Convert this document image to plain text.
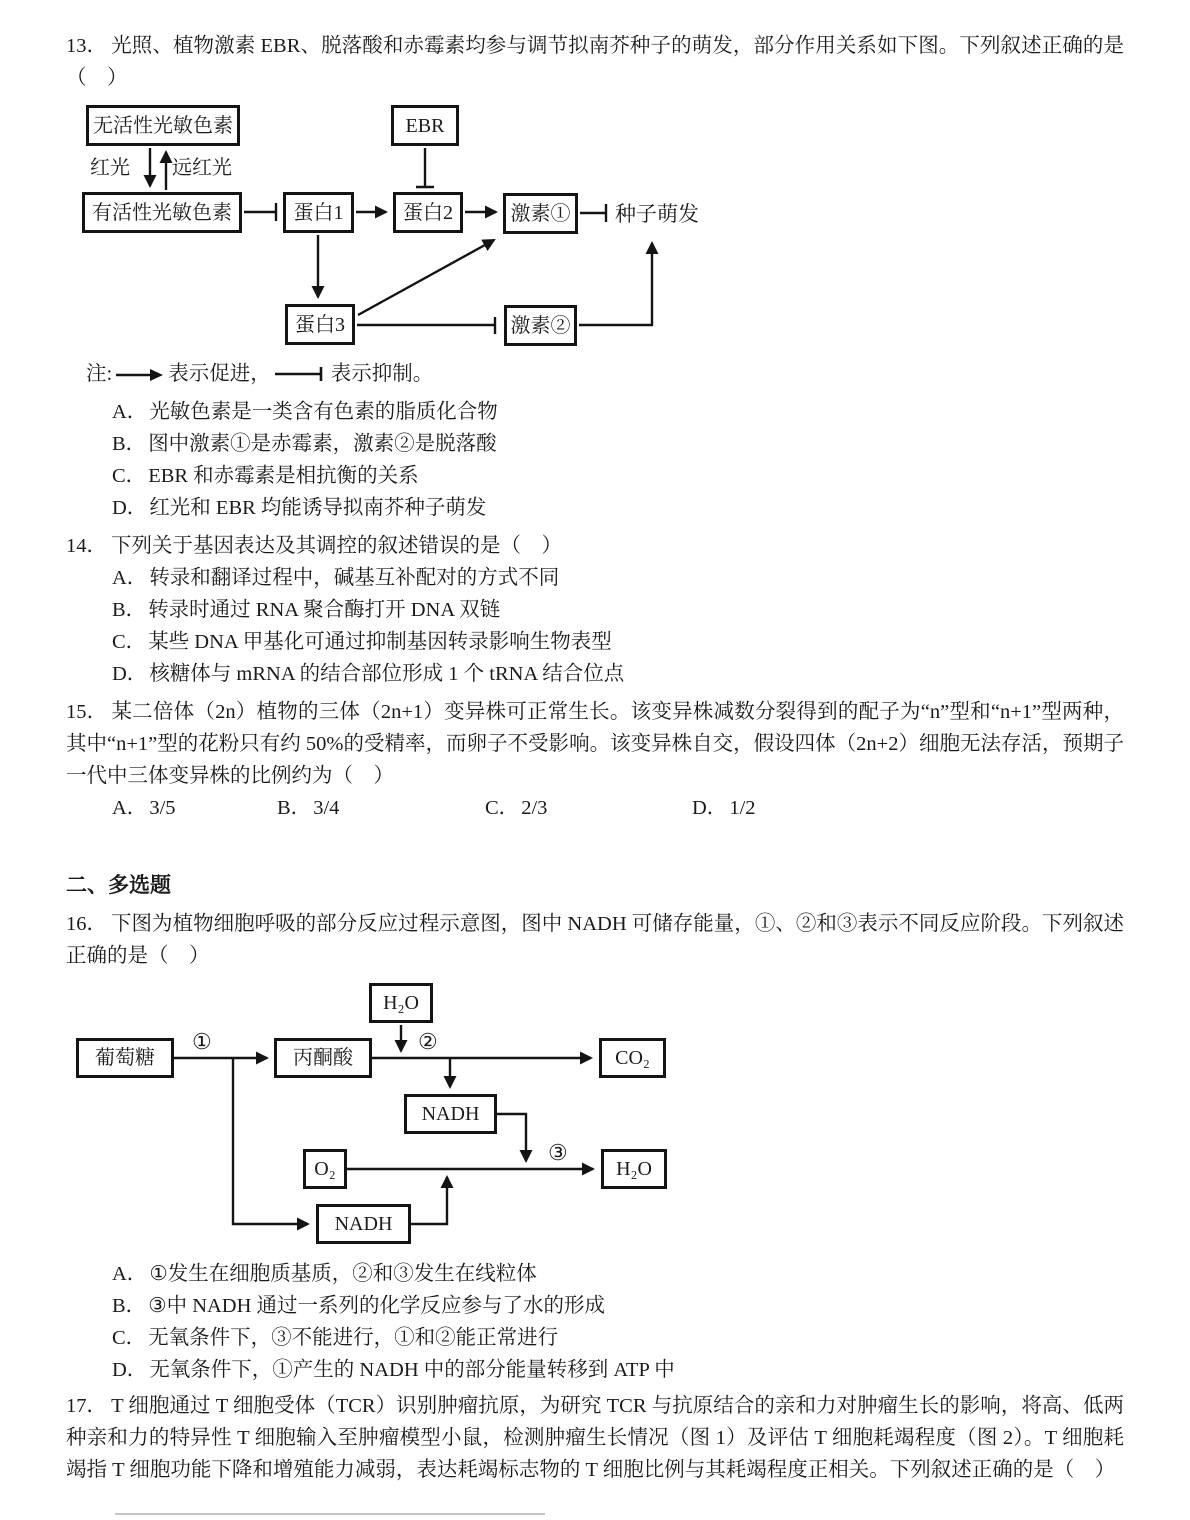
13． 光照、植物激素 EBR、脱落酸和赤霉素均参与调节拟南芥种子的萌发，部分作用关系如下图。下列叙述正确的是（　）

无活性光敏色素	EBR
有活性光敏色素	蛋白1	蛋白2	激素①	种子萌发
蛋白3	激素②
红光 远红光

注:	表示促进，	表示抑制。

A．光敏色素是一类含有色素的脂质化合物

B．图中激素①是赤霉素，激素②是脱落酸

C．EBR 和赤霉素是相抗衡的关系

D．红光和 EBR 均能诱导拟南芥种子萌发

14． 下列关于基因表达及其调控的叙述错误的是（　）

A．转录和翻译过程中，碱基互补配对的方式不同

B．转录时通过 RNA 聚合酶打开 DNA 双链

C．某些 DNA 甲基化可通过抑制基因转录影响生物表型

D．核糖体与 mRNA 的结合部位形成 1 个 tRNA 结合位点

15． 某二倍体（2n）植物的三体（2n+1）变异株可正常生长。该变异株减数分裂得到的配子为“n”型和“n+1”型两种，其中“n+1”型的花粉只有约 50%的受精率，而卵子不受影响。该变异株自交，假设四体（2n+2）细胞无法存活，预期子一代中三体变异株的比例约为（　）

A．3/5	B．3/4	C．2/3	D．1/2

二、多选题

16． 下图为植物细胞呼吸的部分反应过程示意图，图中 NADH 可储存能量，①、②和③表示不同反应阶段。下列叙述正确的是（　）

H₂O
葡萄糖	丙酮酸	CO₂
NADH
O₂	H₂O
NADH
①	②
③

A．①发生在细胞质基质，②和③发生在线粒体

B．③中 NADH 通过一系列的化学反应参与了水的形成

C．无氧条件下，③不能进行，①和②能正常进行

D．无氧条件下，①产生的 NADH 中的部分能量转移到 ATP 中

17． T 细胞通过 T 细胞受体（TCR）识别肿瘤抗原，为研究 TCR 与抗原结合的亲和力对肿瘤生长的影响，将高、低两种亲和力的特异性 T 细胞输入至肿瘤模型小鼠，检测肿瘤生长情况（图 1）及评估 T 细胞耗竭程度（图 2）。T 细胞耗竭指 T 细胞功能下降和增殖能力减弱，表达耗竭标志物的 T 细胞比例与其耗竭程度正相关。下列叙述正确的是（　）
